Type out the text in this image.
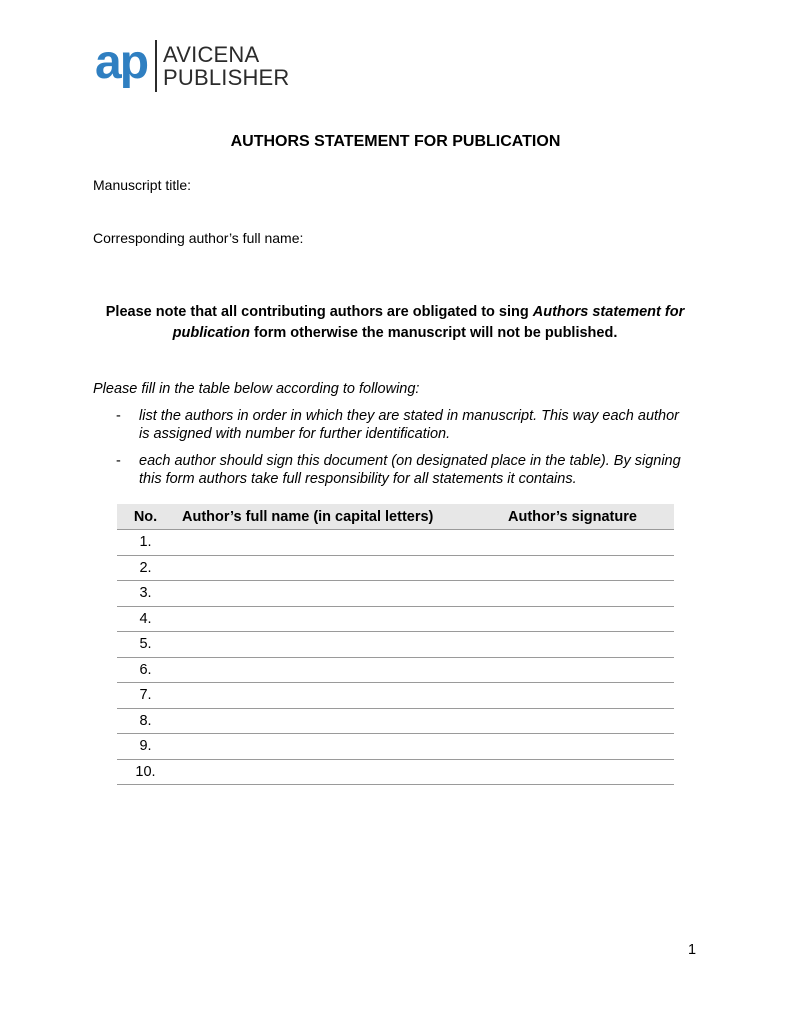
ap AVICENA
PUBLISHER
AUTHORS STATEMENT FOR PUBLICATION

Manuscript title:

Corresponding author’s full name:

Please note that all contributing authors are obligated to sing Authors statement for publication form otherwise the manuscript will not be published.

Please fill in the table below according to following:

- list the authors in order in which they are stated in manuscript. This way each author is assigned with number for further identification.
- each author should sign this document (on designated place in the table). By signing this form authors take full responsibility for all statements it contains.
No.	Author’s full name (in capital letters)	Author’s signature
1.		
2.		
3.		
4.		
5.		
6.		
7.		
8.		
9.		
10.		

1
